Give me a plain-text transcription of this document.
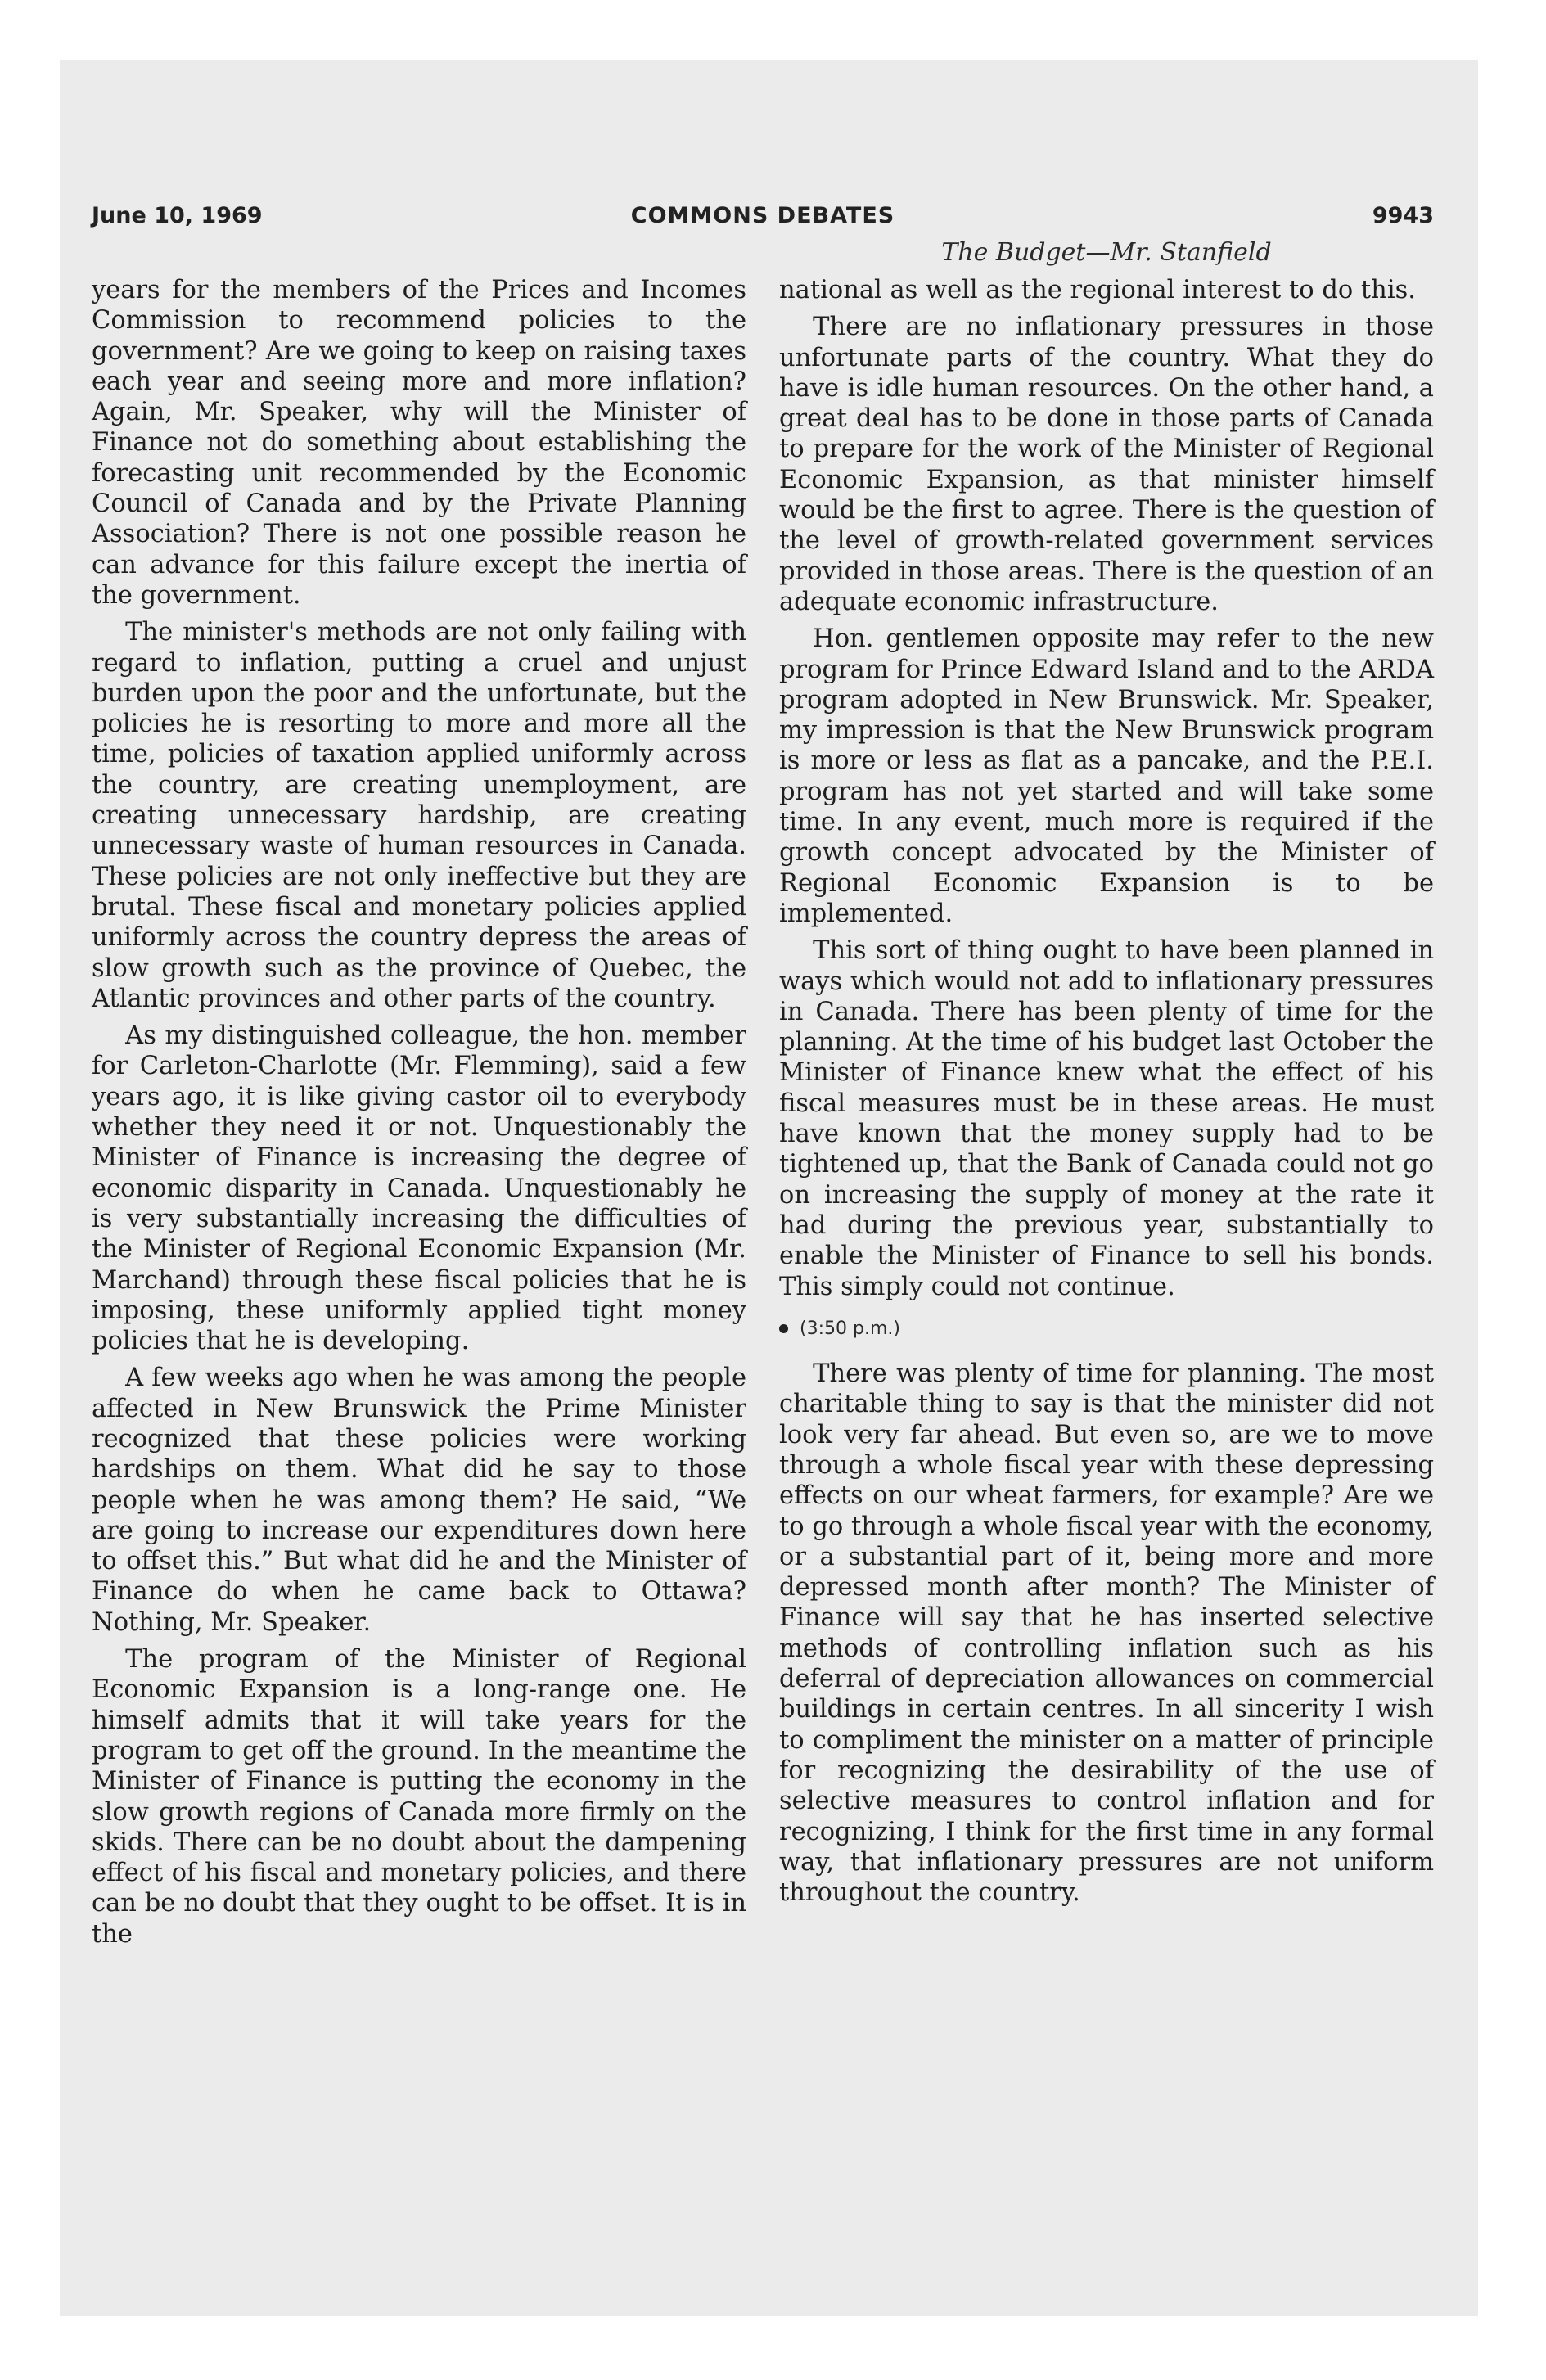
June 10, 1969	COMMONS DEBATES	9943
The Budget—Mr. Stanfield

years for the members of the Prices and Incomes Commission to recommend policies to the government? Are we going to keep on raising taxes each year and seeing more and more inflation? Again, Mr. Speaker, why will the Minister of Finance not do something about establishing the forecasting unit recommended by the Economic Council of Canada and by the Private Planning Association? There is not one possible reason he can advance for this failure except the inertia of the government.

The minister's methods are not only failing with regard to inflation, putting a cruel and unjust burden upon the poor and the unfortunate, but the policies he is resorting to more and more all the time, policies of taxation applied uniformly across the country, are creating unemployment, are creating unnecessary hardship, are creating unnecessary waste of human resources in Canada. These policies are not only ineffective but they are brutal. These fiscal and monetary policies applied uniformly across the country depress the areas of slow growth such as the province of Quebec, the Atlantic provinces and other parts of the country.

As my distinguished colleague, the hon. member for Carleton-Charlotte (Mr. Flemming), said a few years ago, it is like giving castor oil to everybody whether they need it or not. Unquestionably the Minister of Finance is increasing the degree of economic disparity in Canada. Unquestionably he is very substantially increasing the difficulties of the Minister of Regional Economic Expansion (Mr. Marchand) through these fiscal policies that he is imposing, these uniformly applied tight money policies that he is developing.

A few weeks ago when he was among the people affected in New Brunswick the Prime Minister recognized that these policies were working hardships on them. What did he say to those people when he was among them? He said, “We are going to increase our expenditures down here to offset this.” But what did he and the Minister of Finance do when he came back to Ottawa? Nothing, Mr. Speaker.

The program of the Minister of Regional Economic Expansion is a long-range one. He himself admits that it will take years for the program to get off the ground. In the meantime the Minister of Finance is putting the economy in the slow growth regions of Canada more firmly on the skids. There can be no doubt about the dampening effect of his fiscal and monetary policies, and there can be no doubt that they ought to be offset. It is in the

national as well as the regional interest to do this.

There are no inflationary pressures in those unfortunate parts of the country. What they do have is idle human resources. On the other hand, a great deal has to be done in those parts of Canada to prepare for the work of the Minister of Regional Economic Expansion, as that minister himself would be the first to agree. There is the question of the level of growth-related government services provided in those areas. There is the question of an adequate economic infrastructure.

Hon. gentlemen opposite may refer to the new program for Prince Edward Island and to the ARDA program adopted in New Brunswick. Mr. Speaker, my impression is that the New Brunswick program is more or less as flat as a pancake, and the P.E.I. program has not yet started and will take some time. In any event, much more is required if the growth concept advocated by the Minister of Regional Economic Expansion is to be implemented.

This sort of thing ought to have been planned in ways which would not add to inflationary pressures in Canada. There has been plenty of time for the planning. At the time of his budget last October the Minister of Finance knew what the effect of his fiscal measures must be in these areas. He must have known that the money supply had to be tightened up, that the Bank of Canada could not go on increasing the supply of money at the rate it had during the previous year, substantially to enable the Minister of Finance to sell his bonds. This simply could not continue.

(3:50 p.m.)

There was plenty of time for planning. The most charitable thing to say is that the minister did not look very far ahead. But even so, are we to move through a whole fiscal year with these depressing effects on our wheat farmers, for example? Are we to go through a whole fiscal year with the economy, or a substantial part of it, being more and more depressed month after month? The Minister of Finance will say that he has inserted selective methods of controlling inflation such as his deferral of depreciation allowances on commercial buildings in certain centres. In all sincerity I wish to compliment the minister on a matter of principle for recognizing the desirability of the use of selective measures to control inflation and for recognizing, I think for the first time in any formal way, that inflationary pressures are not uniform throughout the country.
